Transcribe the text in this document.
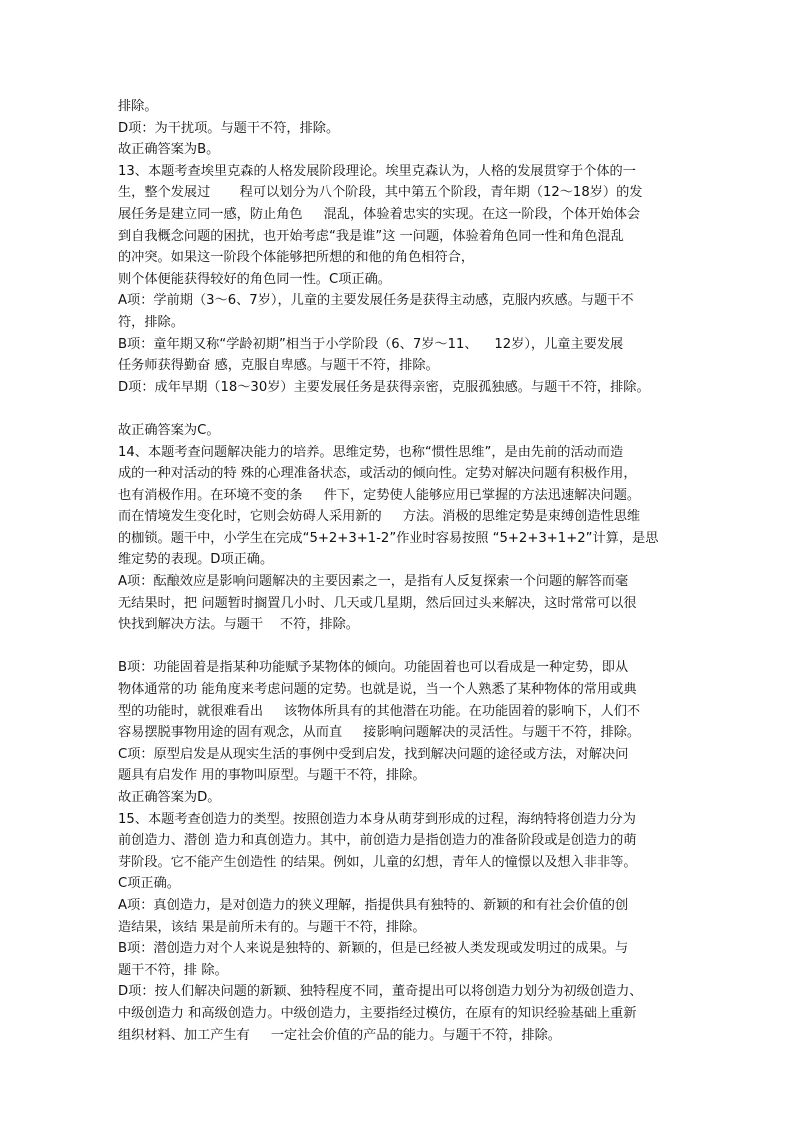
排除。
D项：为干扰项。与题干不符，排除。
故正确答案为B。
13、本题考查埃里克森的人格发展阶段理论。埃里克森认为，人格的发展贯穿于个体的一
生，整个发展过       程可以划分为八个阶段，其中第五个阶段，青年期（12～18岁）的发
展任务是建立同一感，防止角色     混乱，体验着忠实的实现。在这一阶段，个体开始体会
到自我概念问题的困扰，也开始考虑“我是谁”这 一问题，体验着角色同一性和角色混乱
的冲突。如果这一阶段个体能够把所想的和他的角色相符合，
则个体便能获得较好的角色同一性。C项正确。
A项：学前期（3～6、7岁），儿童的主要发展任务是获得主动感，克服内疚感。与题干不
符，排除。
B项：童年期又称“学龄初期”相当于小学阶段（6、7岁～11、    12岁），儿童主要发展
任务师获得勤奋 感，克服自卑感。与题干不符，排除。
D项：成年早期（18～30岁）主要发展任务是获得亲密，克服孤独感。与题干不符，排除。
故正确答案为C。
14、本题考查问题解决能力的培养。思维定势，也称“惯性思维”，是由先前的活动而造
成的一种对活动的特 殊的心理准备状态，或活动的倾向性。定势对解决问题有积极作用，
也有消极作用。在环境不变的条     件下，定势使人能够应用已掌握的方法迅速解决问题。
而在情境发生变化时，它则会妨碍人采用新的     方法。消极的思维定势是束缚创造性思维
的枷锁。题干中，小学生在完成“5+2+3+1-2”作业时容易按照 “5+2+3+1+2”计算，是思
维定势的表现。D项正确。
A项：酝酿效应是影响问题解决的主要因素之一，是指有人反复探索一个问题的解答而毫
无结果时，把 问题暂时搁置几小时、几天或几星期，然后回过头来解决，这时常常可以很
快找到解决方法。与题干    不符，排除。
B项：功能固着是指某种功能赋予某物体的倾向。功能固着也可以看成是一种定势，即从
物体通常的功 能角度来考虑问题的定势。也就是说，当一个人熟悉了某种物体的常用或典
型的功能时，就很难看出     该物体所具有的其他潜在功能。在功能固着的影响下，人们不
容易摆脱事物用途的固有观念，从而直     接影响问题解决的灵活性。与题干不符，排除。
C项：原型启发是从现实生活的事例中受到启发，找到解决问题的途径或方法，对解决问
题具有启发作 用的事物叫原型。与题干不符，排除。
故正确答案为D。
15、本题考查创造力的类型。按照创造力本身从萌芽到形成的过程，海纳特将创造力分为
前创造力、潜创 造力和真创造力。其中，前创造力是指创造力的准备阶段或是创造力的萌
芽阶段。它不能产生创造性 的结果。例如，儿童的幻想，青年人的憧憬以及想入非非等。
C项正确。
A项：真创造力，是对创造力的狭义理解，指提供具有独特的、新颖的和有社会价值的创
造结果，该结 果是前所未有的。与题干不符，排除。
B项：潜创造力对个人来说是独特的、新颖的，但是已经被人类发现或发明过的成果。与
题干不符，排 除。
D项：按人们解决问题的新颖、独特程度不同，董奇提出可以将创造力划分为初级创造力、
中级创造力 和高级创造力。中级创造力，主要指经过模仿，在原有的知识经验基础上重新
组织材料、加工产生有     一定社会价值的产品的能力。与题干不符，排除。
